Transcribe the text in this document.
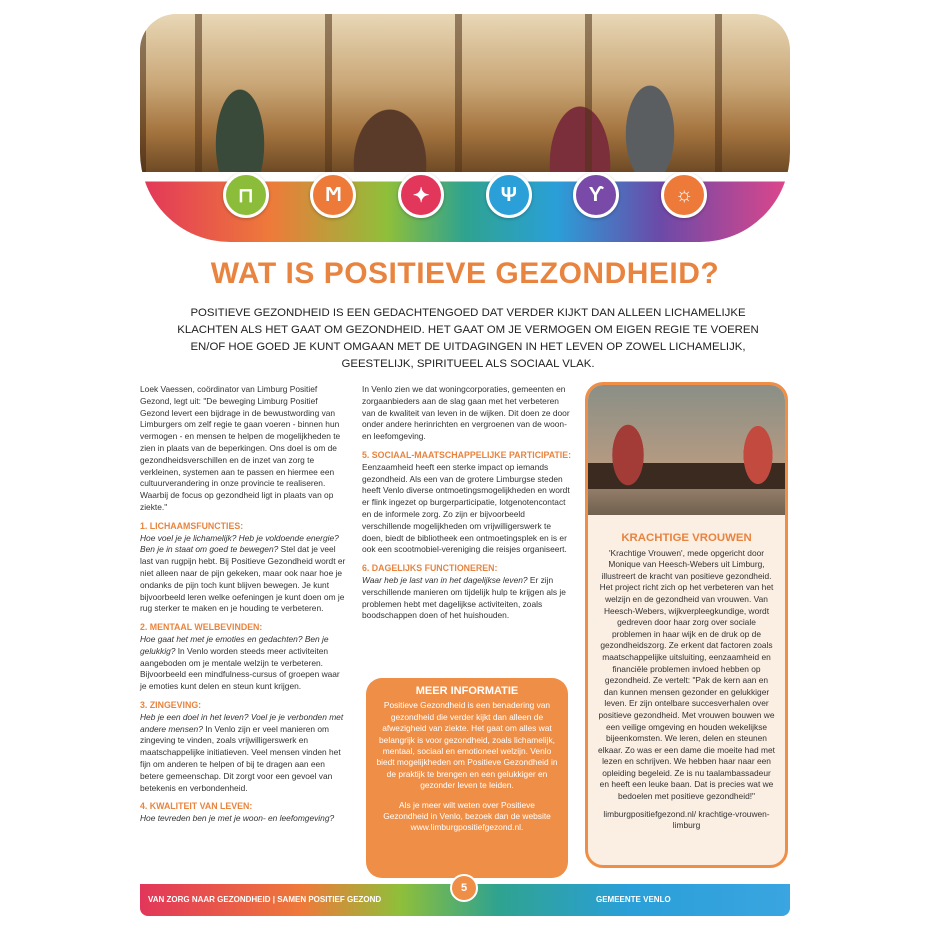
⊓	Ϻ	✦	Ψ	ϒ	☼
WAT IS POSITIEVE GEZONDHEID?

POSITIEVE GEZONDHEID IS EEN GEDACHTENGOED DAT VERDER KIJKT DAN ALLEEN LICHAMELIJKE KLACHTEN ALS HET GAAT OM GEZONDHEID. HET GAAT OM JE VERMOGEN OM EIGEN REGIE TE VOEREN EN/OF HOE GOED JE KUNT OMGAAN MET DE UITDAGINGEN IN HET LEVEN OP ZOWEL LICHAMELIJK, GEESTELIJK, SPIRITUEEL ALS SOCIAAL VLAK.

Loek Vaessen, coördinator van Limburg Positief Gezond, legt uit: "De beweging Limburg Positief Gezond levert een bijdrage in de bewustwording van Limburgers om zelf regie te gaan voeren - binnen hun vermogen - en mensen te helpen de mogelijkheden te zien in plaats van de beperkingen. Ons doel is om de gezondheidsverschillen en de inzet van zorg te verkleinen, systemen aan te passen en hiermee een cultuurverandering in onze provincie te realiseren. Waarbij de focus op gezondheid ligt in plaats van op ziekte."

1. LICHAAMSFUNCTIES:

Hoe voel je je lichamelijk? Heb je voldoende energie? Ben je in staat om goed te bewegen? Stel dat je veel last van rugpijn hebt. Bij Positieve Gezondheid wordt er niet alleen naar de pijn gekeken, maar ook naar hoe je ondanks de pijn toch kunt blijven bewegen. Je kunt bijvoorbeeld leren welke oefeningen je kunt doen om je rug sterker te maken en je houding te verbeteren.

2. MENTAAL WELBEVINDEN:

Hoe gaat het met je emoties en gedachten? Ben je gelukkig? In Venlo worden steeds meer activiteiten aangeboden om je mentale welzijn te verbeteren. Bijvoorbeeld een mindfulness-cursus of groepen waar je emoties kunt delen en steun kunt krijgen.

3. ZINGEVING:

Heb je een doel in het leven? Voel je je verbonden met andere mensen? In Venlo zijn er veel manieren om zingeving te vinden, zoals vrijwilligerswerk en maatschappelijke initiatieven. Veel mensen vinden het fijn om anderen te helpen of bij te dragen aan een betere gemeenschap. Dit zorgt voor een gevoel van betekenis en verbondenheid.

4. KWALITEIT VAN LEVEN:

Hoe tevreden ben je met je woon- en leefomgeving?

In Venlo zien we dat woningcorporaties, gemeenten en zorgaanbieders aan de slag gaan met het verbeteren van de kwaliteit van leven in de wijken. Dit doen ze door onder andere herinrichten en vergroenen van de woon- en leefomgeving.

5. SOCIAAL-MAATSCHAPPELIJKE PARTICIPATIE:

Eenzaamheid heeft een sterke impact op iemands gezondheid. Als een van de grotere Limburgse steden heeft Venlo diverse ontmoetingsmogelijkheden en wordt er flink ingezet op burgerparticipatie, lotgenotencontact en de informele zorg. Zo zijn er bijvoorbeeld verschillende mogelijkheden om vrijwilligerswerk te doen, biedt de bibliotheek een ontmoetingsplek en is er ook een scootmobiel-vereniging die reisjes organiseert.

6. DAGELIJKS FUNCTIONEREN:

Waar heb je last van in het dagelijkse leven? Er zijn verschillende manieren om tijdelijk hulp te krijgen als je problemen hebt met dagelijkse activiteiten, zoals boodschappen doen of het huishouden.

MEER INFORMATIE

Positieve Gezondheid is een benadering van gezondheid die verder kijkt dan alleen de afwezigheid van ziekte. Het gaat om alles wat belangrijk is voor gezondheid, zoals lichamelijk, mentaal, sociaal en emotioneel welzijn. Venlo biedt mogelijkheden om Positieve Gezondheid in de praktijk te brengen en een gelukkiger en gezonder leven te leiden.

Als je meer wilt weten over Positieve Gezondheid in Venlo, bezoek dan de website www.limburgpositiefgezond.nl.

KRACHTIGE VROUWEN

'Krachtige Vrouwen', mede opgericht door Monique van Heesch-Webers uit Limburg, illustreert de kracht van positieve gezondheid. Het project richt zich op het verbeteren van het welzijn en de gezondheid van vrouwen. Van Heesch-Webers, wijkverpleegkundige, wordt gedreven door haar zorg over sociale problemen in haar wijk en de druk op de gezondheidszorg. Ze erkent dat factoren zoals maatschappelijke uitsluiting, eenzaamheid en financiële problemen invloed hebben op gezondheid. Ze vertelt: "Pak de kern aan en dan kunnen mensen gezonder en gelukkiger leven. Er zijn ontelbare succesverhalen over positieve gezondheid. Met vrouwen bouwen we een veilige omgeving en houden wekelijkse bijeenkomsten. We leren, delen en steunen elkaar. Zo was er een dame die moeite had met lezen en schrijven. We hebben haar naar een opleiding begeleid. Ze is nu taalambassadeur en heeft een leuke baan. Dat is precies wat we bedoelen met positieve gezondheid!"

limburgpositiefgezond.nl/ krachtige-vrouwen-limburg

VAN ZORG NAAR GEZONDHEID | SAMEN POSITIEF GEZOND	GEMEENTE VENLO
5
